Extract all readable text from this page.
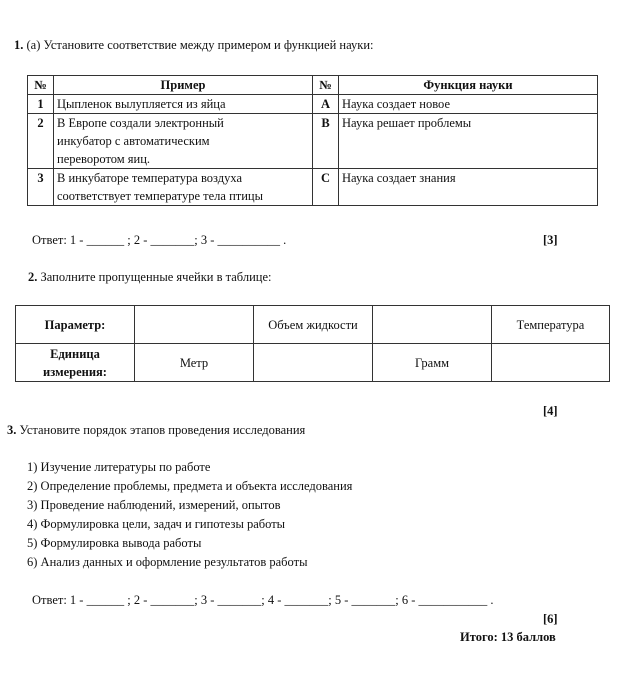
1. (a) Установите соответствие между примером и функцией науки:
№	Пример	№	Функция науки
1	Цыпленок вылупляется из яйца	А	Наука создает новое
2	В Европе создали электронный
инкубатор с автоматическим
переворотом яиц.	В	Наука решает проблемы
3	В инкубаторе температура воздуха
соответствует температуре тела птицы	С	Наука создает знания
Ответ: 1 - ______ ; 2 - _______; 3 - __________ .	[3]
2. Заполните пропущенные ячейки в таблице:
Параметр:		Объем жидкости		Температура
Единица измерения:	Метр		Грамм	
[4]
3. Установите порядок этапов проведения исследования
1) Изучение литературы по работе
2) Определение проблемы, предмета и объекта исследования
3) Проведение наблюдений, измерений, опытов
4) Формулировка цели, задач и гипотезы работы
5) Формулировка вывода работы
6) Анализ данных и оформление результатов работы
Ответ: 1 - ______ ; 2 - _______; 3 - _______; 4 - _______; 5 - _______; 6 - ___________ .
[6]
Итого: 13 баллов
